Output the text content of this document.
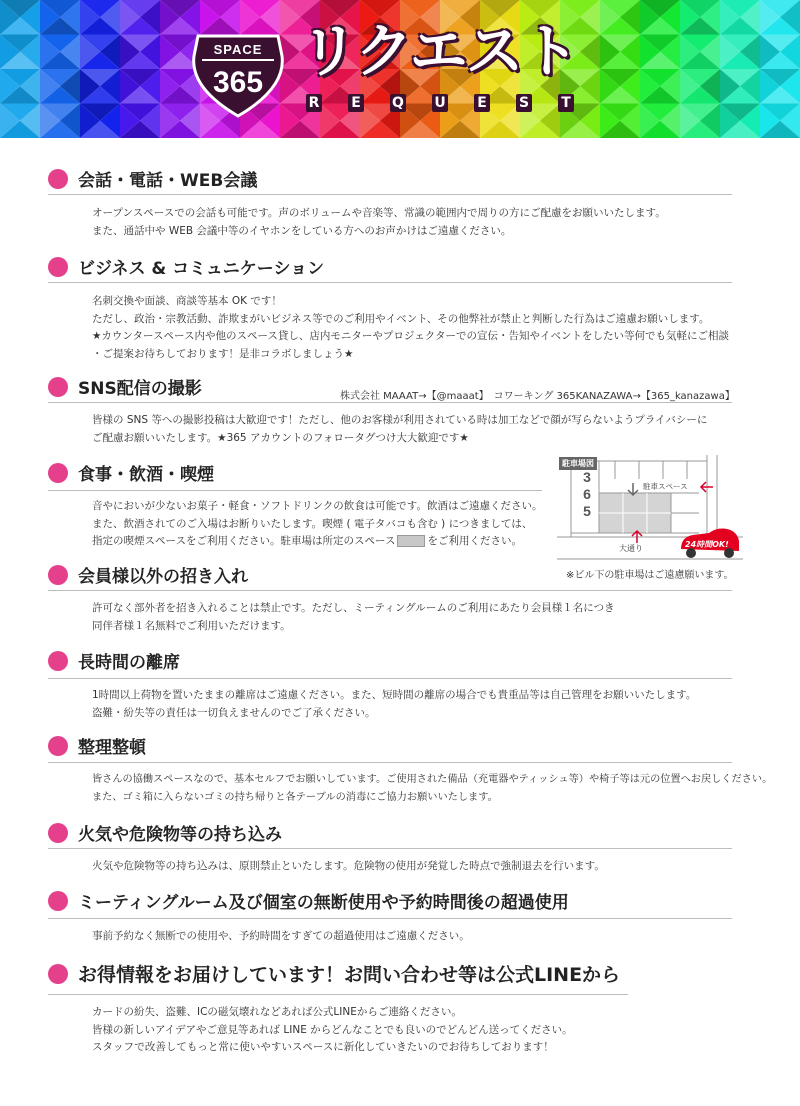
SPACE
365 リクエスト
R E Q U E S T
会話・電話・WEB会議
オープンスペースでの会話も可能です。声のボリュームや音楽等、常識の範囲内で周りの方にご配慮をお願いいたします。
また、通話中や WEB 会議中等のイヤホンをしている方へのお声かけはご遠慮ください。
ビジネス & コミュニケーション
名刺交換や面談、商談等基本 OK です！
ただし、政治・宗教活動、詐欺まがいビジネス等でのご利用やイベント、その他弊社が禁止と判断した行為はご遠慮お願いします。
★カウンタースペース内や他のスペース貸し、店内モニターやプロジェクターでの宣伝・告知やイベントをしたい等何でも気軽にご相談
・ご提案お待ちしております！是非コラボしましょう★
SNS配信の撮影	株式会社 MAAAT→【@maaat】　コワーキング 365KANAZAWA→【365_kanazawa】
皆様の SNS 等への撮影投稿は大歓迎です！ただし、他のお客様が利用されている時は加工などで顔が写らないようプライバシーに
ご配慮お願いいたします。★365 アカウントのフォロータグつけ大大歓迎です★
食事・飲酒・喫煙
音やにおいが少ないお菓子・軽食・ソフトドリンクの飲食は可能です。飲酒はご遠慮ください。
また、飲酒されてのご入場はお断りいたします。喫煙 ( 電子タバコも含む ) につきましては、
指定の喫煙スペースをご利用ください。駐車場は所定のスペース	をご利用ください。
会員様以外の招き入れ
許可なく部外者を招き入れることは禁止です。ただし、ミーティングルームのご利用にあたり会員様１名につき
同伴者様１名無料でご利用いただけます。
長時間の離席
1時間以上荷物を置いたままの離席はご遠慮ください。また、短時間の離席の場合でも貴重品等は自己管理をお願いいたします。
盗難・紛失等の責任は一切負えませんのでご了承ください。
整理整頓
皆さんの協働スペースなので、基本セルフでお願いしています。ご使用された備品（充電器やティッシュ等）や椅子等は元の位置へお戻しください。
また、ゴミ箱に入らないゴミの持ち帰りと各テーブルの消毒にご協力お願いいたします。
火気や危険物等の持ち込み
火気や危険物等の持ち込みは、原則禁止といたします。危険物の使用が発覚した時点で強制退去を行います。
ミーティングルーム及び個室の無断使用や予約時間後の超過使用
事前予約なく無断での使用や、予約時間をすぎての超過使用はご遠慮ください。
お得情報をお届けしています！お問い合わせ等は公式LINEから
カードの紛失、盗難、ICの磁気壊れなどあれば公式LINEからご連絡ください。
皆様の新しいアイデアやご意見等あれば LINE からどんなことでも良いのでどんどん送ってください。
スタッフで改善してもっと常に使いやすいスペースに新化していきたいのでお待ちしております！
駐車場図
3
6
5
駐車スペース
大通り	24時間OK!
※ビル下の駐車場はご遠慮願います。
